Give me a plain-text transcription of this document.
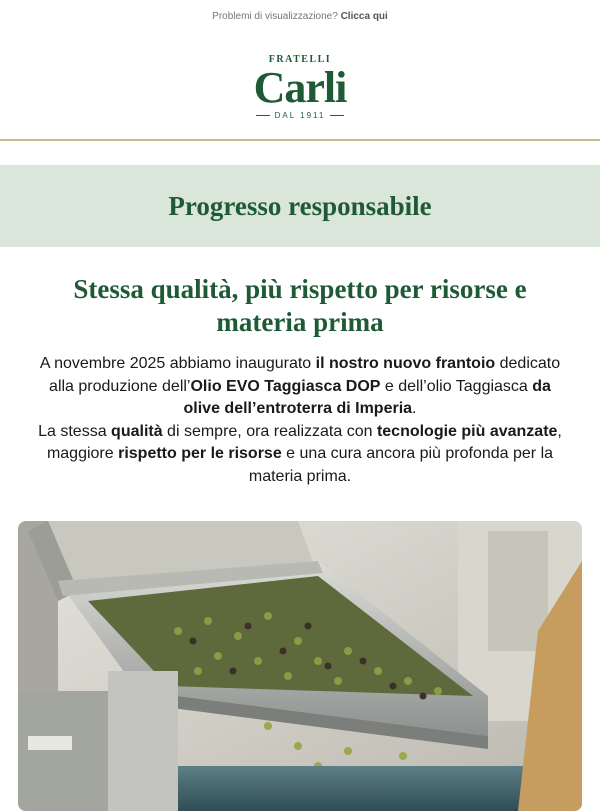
Problemi di visualizzazione? Clicca qui
FRATELLI
Carli
DAL 1911
Progresso responsabile
Stessa qualità, più rispetto per risorse e materia prima
A novembre 2025 abbiamo inaugurato il nostro nuovo frantoio dedicato alla produzione dell’Olio EVO Taggiasca DOP e dell’olio Taggiasca da olive dell’entroterra di Imperia.
La stessa qualità di sempre, ora realizzata con tecnologie più avanzate, maggiore rispetto per le risorse e una cura ancora più profonda per la materia prima.
